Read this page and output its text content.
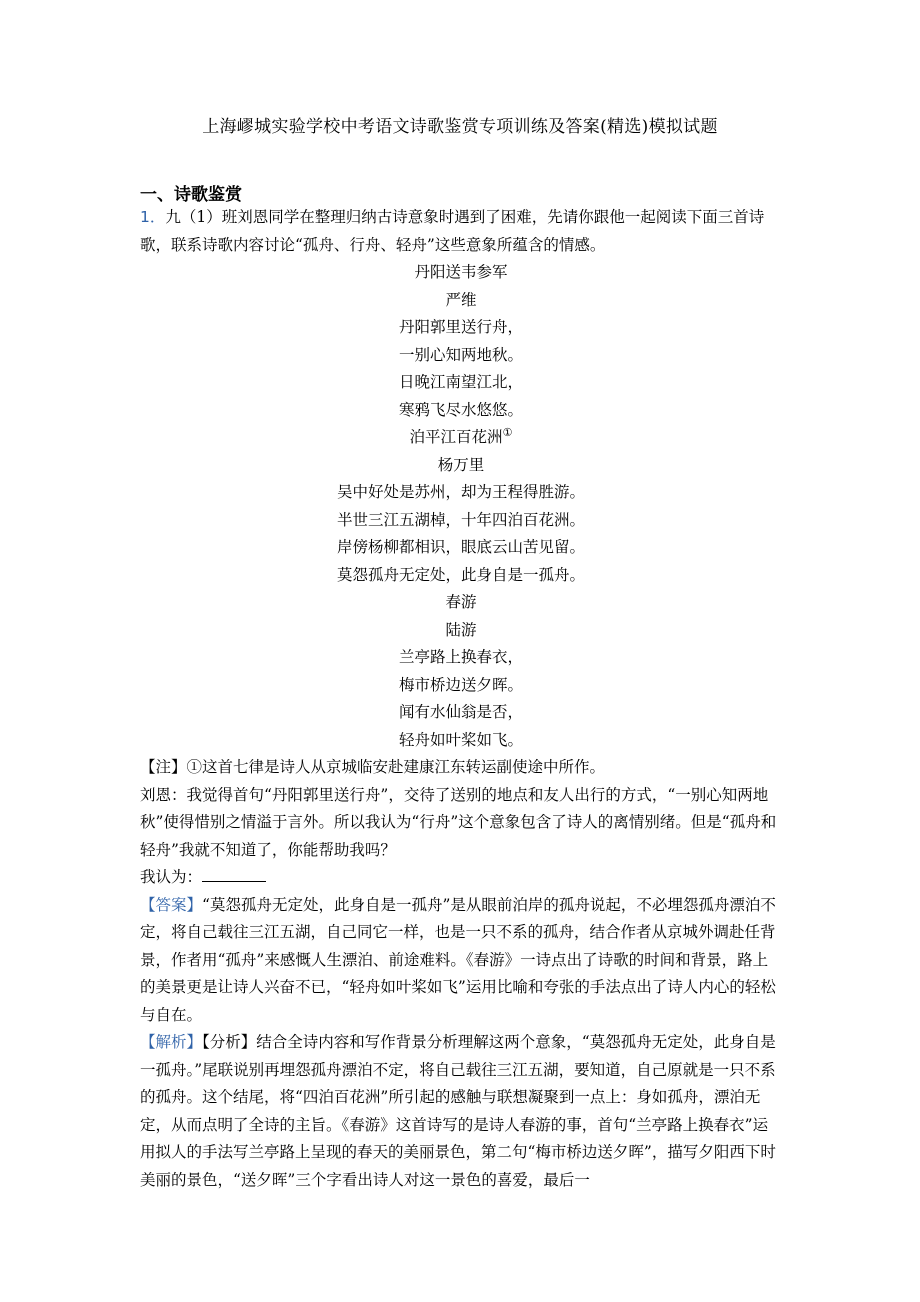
上海嵺城实验学校中考语文诗歌鉴赏专项训练及答案(精选)模拟试题
一、诗歌鉴赏

1．九（1）班刘恩同学在整理归纳古诗意象时遇到了困难，先请你跟他一起阅读下面三首诗歌，联系诗歌内容讨论“孤舟、行舟、轻舟”这些意象所蕴含的情感。

丹阳送韦参军

严维

丹阳郭里送行舟，

一别心知两地秋。

日晚江南望江北，

寒鸦飞尽水悠悠。

泊平江百花洲①

杨万里

吴中好处是苏州，却为王程得胜游。

半世三江五湖棹，十年四泊百花洲。

岸傍杨柳都相识，眼底云山苦见留。

莫怨孤舟无定处，此身自是一孤舟。

春游

陆游

兰亭路上换春衣，

梅市桥边送夕晖。

闻有水仙翁是否，

轻舟如叶桨如飞。

【注】①这首七律是诗人从京城临安赴建康江东转运副使途中所作。

刘恩：我觉得首句“丹阳郭里送行舟”，交待了送别的地点和友人出行的方式，“一别心知两地秋”使得惜别之情溢于言外。所以我认为“行舟”这个意象包含了诗人的离情别绪。但是“孤舟和轻舟”我就不知道了，你能帮助我吗？

我认为：

【答案】“莫怨孤舟无定处，此身自是一孤舟”是从眼前泊岸的孤舟说起，不必埋怨孤舟漂泊不定，将自己载往三江五湖，自己同它一样，也是一只不系的孤舟，结合作者从京城外调赴任背景，作者用“孤舟”来感慨人生漂泊、前途难料。《春游》一诗点出了诗歌的时间和背景，路上的美景更是让诗人兴奋不已，“轻舟如叶桨如飞”运用比喻和夸张的手法点出了诗人内心的轻松与自在。

【解析】【分析】结合全诗内容和写作背景分析理解这两个意象，“莫怨孤舟无定处，此身自是一孤舟。”尾联说别再埋怨孤舟漂泊不定，将自己载往三江五湖，要知道，自己原就是一只不系的孤舟。这个结尾，将“四泊百花洲”所引起的感触与联想凝聚到一点上：身如孤舟，漂泊无定，从而点明了全诗的主旨。《春游》这首诗写的是诗人春游的事，首句“兰亭路上换春衣”运用拟人的手法写兰亭路上呈现的春天的美丽景色，第二句“梅市桥边送夕晖”，描写夕阳西下时美丽的景色，“送夕晖”三个字看出诗人对这一景色的喜爱，最后一
